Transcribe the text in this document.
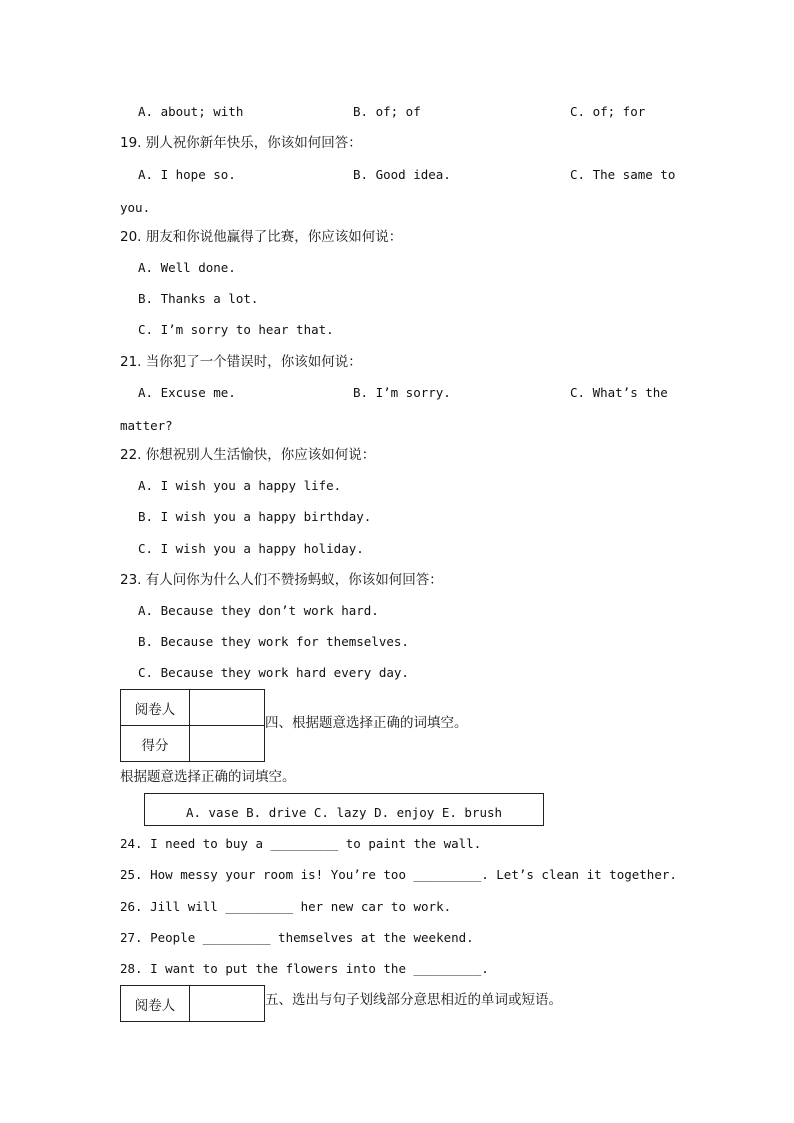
A. about; with	B. of; of	C. of; for
19. 别人祝你新年快乐，你该如何回答：
A. I hope so.	B. Good idea.	C. The same to
you.
20. 朋友和你说他赢得了比赛，你应该如何说：
A. Well done.
B. Thanks a lot.
C. I’m sorry to hear that.
21. 当你犯了一个错误时，你该如何说：
A. Excuse me.	B. I’m sorry.	C. What’s the
matter?
22. 你想祝别人生活愉快，你应该如何说：
A. I wish you a happy life.
B. I wish you a happy birthday.
C. I wish you a happy holiday.
23. 有人问你为什么人们不赞扬蚂蚁，你该如何回答：
A. Because they don’t work hard.
B. Because they work for themselves.
C. Because they work hard every day.
阅卷人	
得分	
四、根据题意选择正确的词填空。
根据题意选择正确的词填空。
A. vase B. drive C. lazy D. enjoy E. brush
24. I need to buy a _________ to paint the wall.
25. How messy your room is! You’re too _________. Let’s clean it together.
26. Jill will _________ her new car to work.
27. People _________ themselves at the weekend.
28. I want to put the flowers into the _________.
阅卷人		五、选出与句子划线部分意思相近的单词或短语。
